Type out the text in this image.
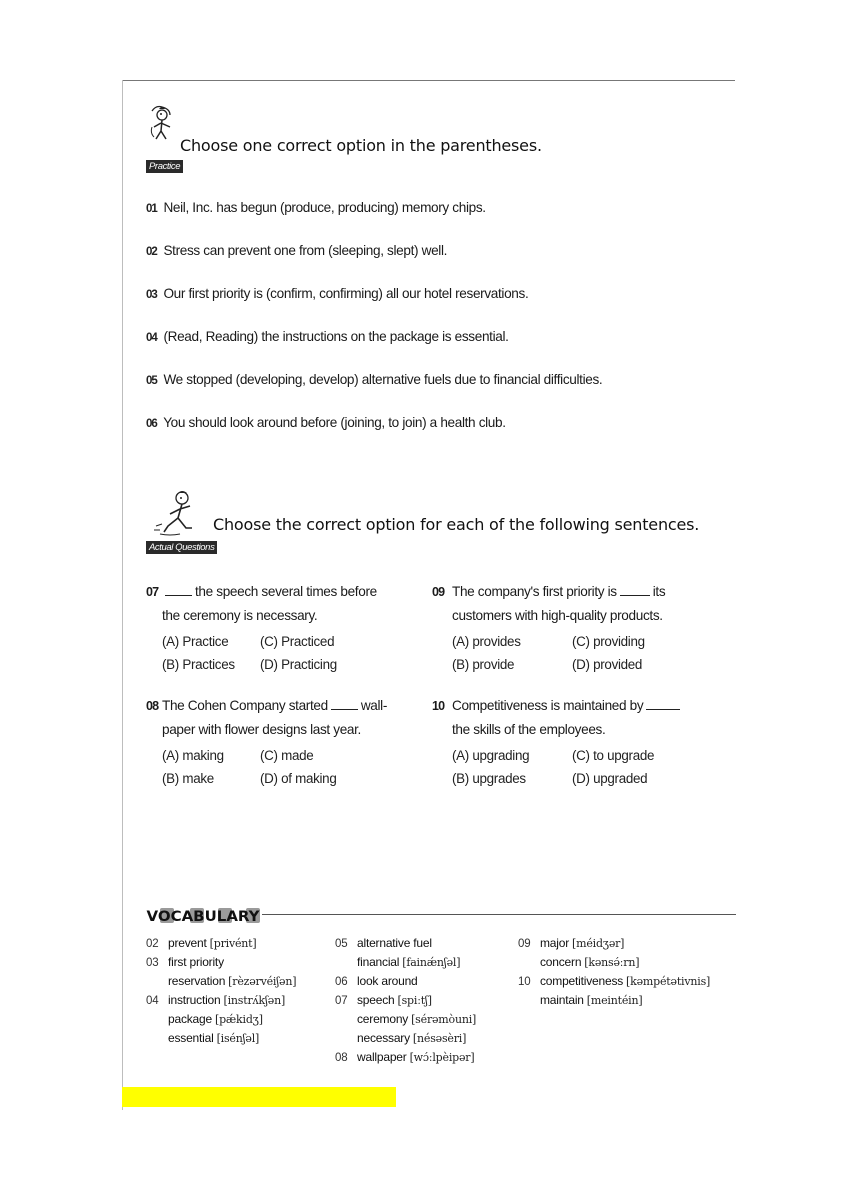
Choose one correct option in the parentheses.
Practice
01 Neil, Inc. has begun (produce, producing) memory chips.
02 Stress can prevent one from (sleeping, slept) well.
03 Our first priority is (confirm, confirming) all our hotel reservations.
04 (Read, Reading) the instructions on the package is essential.
05 We stopped (developing, develop) alternative fuels due to financial difficulties.
06 You should look around before (joining, to join) a health club.
Choose the correct option for each of the following sentences.
Actual Questions
07	the speech several times before
the ceremony is necessary.
(A) Practice (C) Practiced
(B) Practices (D) Practicing
08 The Cohen Company started wall-
paper with flower designs last year.
(A) making	(C) made
(B) make	(D) of making
09 The company's first priority is	its
customers with high-quality products.
(A) provides	(C) providing
(B) provide	(D) provided
10 Competitiveness is maintained by
the skills of the employees.
(A) upgrading	(C) to upgrade
(B) upgrades	(D) upgraded
VOCABULARY
02 prevent [privént]
03 first priority
reservation [rèzərvéiʃən]
04 instruction [instrʌ́kʃən]
package [pǽkidʒ]
essential [isénʃəl]
05 alternative fuel
financial [fainǽnʃəl]
06 look around
07 speech [spiːtʃ]
ceremony [sérəmòuni]
necessary [nésəsèri]
08 wallpaper [wɔ́ːlpèipər]
09 major [méidʒər]
concern [kənsə́ːrn]
10 competitiveness [kəmpétətivnis]
maintain [meintéin]
